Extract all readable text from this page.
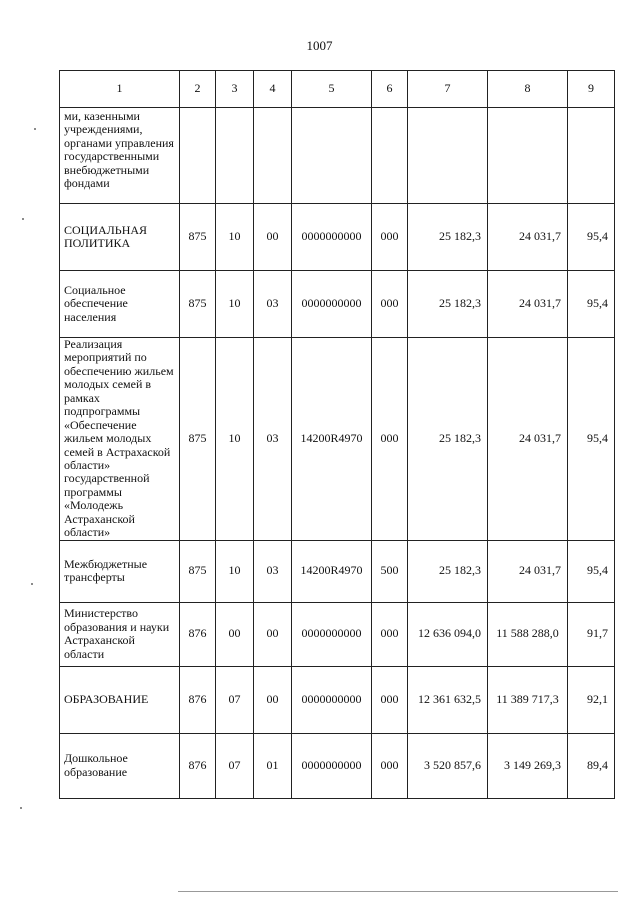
1007
1	2	3	4	5	6	7	8	9
ми, казенными учреждениями, органами управления государственными внебюджетными фондами								
СОЦИАЛЬНАЯ ПОЛИТИКА	875	10	00	0000000000	000	25 182,3	24 031,7	95,4
Социальное обеспечение населения	875	10	03	0000000000	000	25 182,3	24 031,7	95,4
Реализация мероприятий по обеспечению жильем молодых семей в рамках подпрограммы «Обеспечение жильем молодых семей в Астрахаской области» государственной программы «Молодежь Астраханской области»	875	10	03	14200R4970	000	25 182,3	24 031,7	95,4
Межбюджетные трансферты	875	10	03	14200R4970	500	25 182,3	24 031,7	95,4
Министерство образования и науки Астраханской области	876	00	00	0000000000	000	12 636 094,0	11 588 288,0	91,7
ОБРАЗОВАНИЕ	876	07	00	0000000000	000	12 361 632,5	11 389 717,3	92,1
Дошкольное образование	876	07	01	0000000000	000	3 520 857,6	3 149 269,3	89,4
